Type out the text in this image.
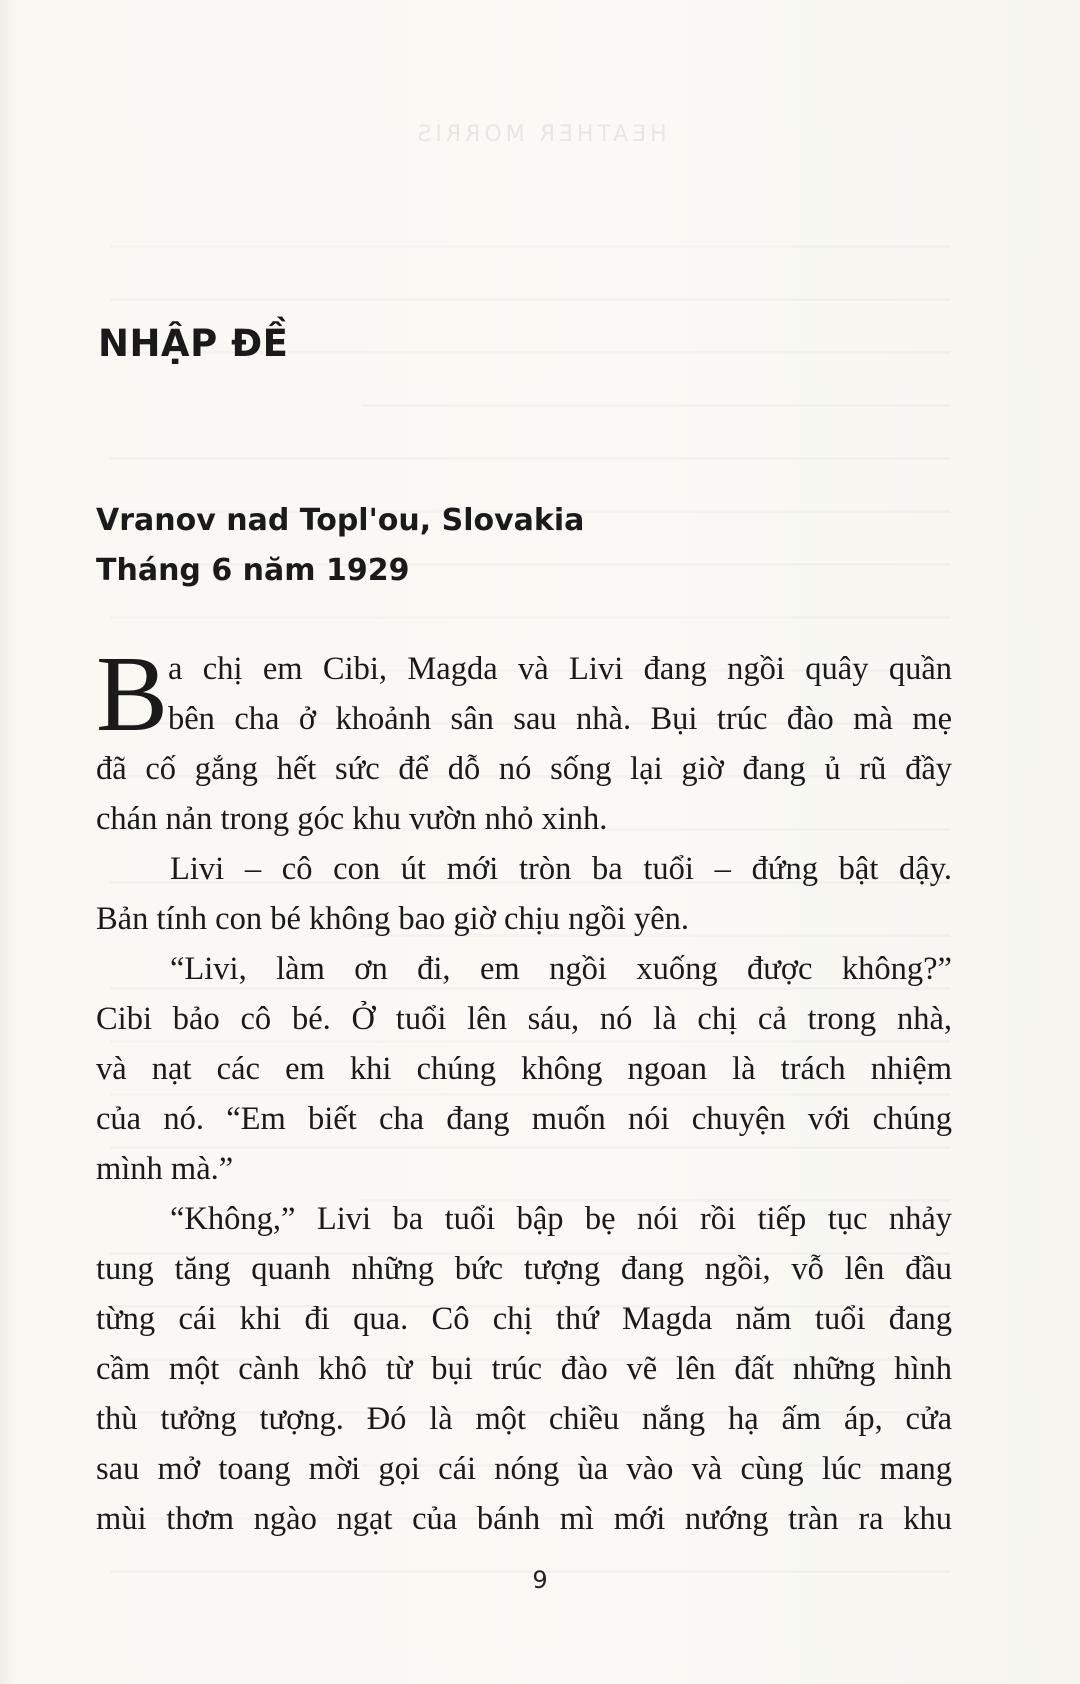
HEATHER MORRIS
NHẬP ĐỀ
Vranov nad Topl'ou, Slovakia
Tháng 6 năm 1929
B a chị em Cibi, Magda và Livi đang ngồi quây quần
bên cha ở khoảnh sân sau nhà. Bụi trúc đào mà mẹ
đã cố gắng hết sức để dỗ nó sống lại giờ đang ủ rũ đầy
chán nản trong góc khu vườn nhỏ xinh.
Livi – cô con út mới tròn ba tuổi – đứng bật dậy.
Bản tính con bé không bao giờ chịu ngồi yên.
“Livi, làm ơn đi, em ngồi xuống được không?”
Cibi bảo cô bé. Ở tuổi lên sáu, nó là chị cả trong nhà,
và nạt các em khi chúng không ngoan là trách nhiệm
của nó. “Em biết cha đang muốn nói chuyện với chúng
mình mà.”
“Không,” Livi ba tuổi bập bẹ nói rồi tiếp tục nhảy
tung tăng quanh những bức tượng đang ngồi, vỗ lên đầu
từng cái khi đi qua. Cô chị thứ Magda năm tuổi đang
cầm một cành khô từ bụi trúc đào vẽ lên đất những hình
thù tưởng tượng. Đó là một chiều nắng hạ ấm áp, cửa
sau mở toang mời gọi cái nóng ùa vào và cùng lúc mang
mùi thơm ngào ngạt của bánh mì mới nướng tràn ra khu
9
